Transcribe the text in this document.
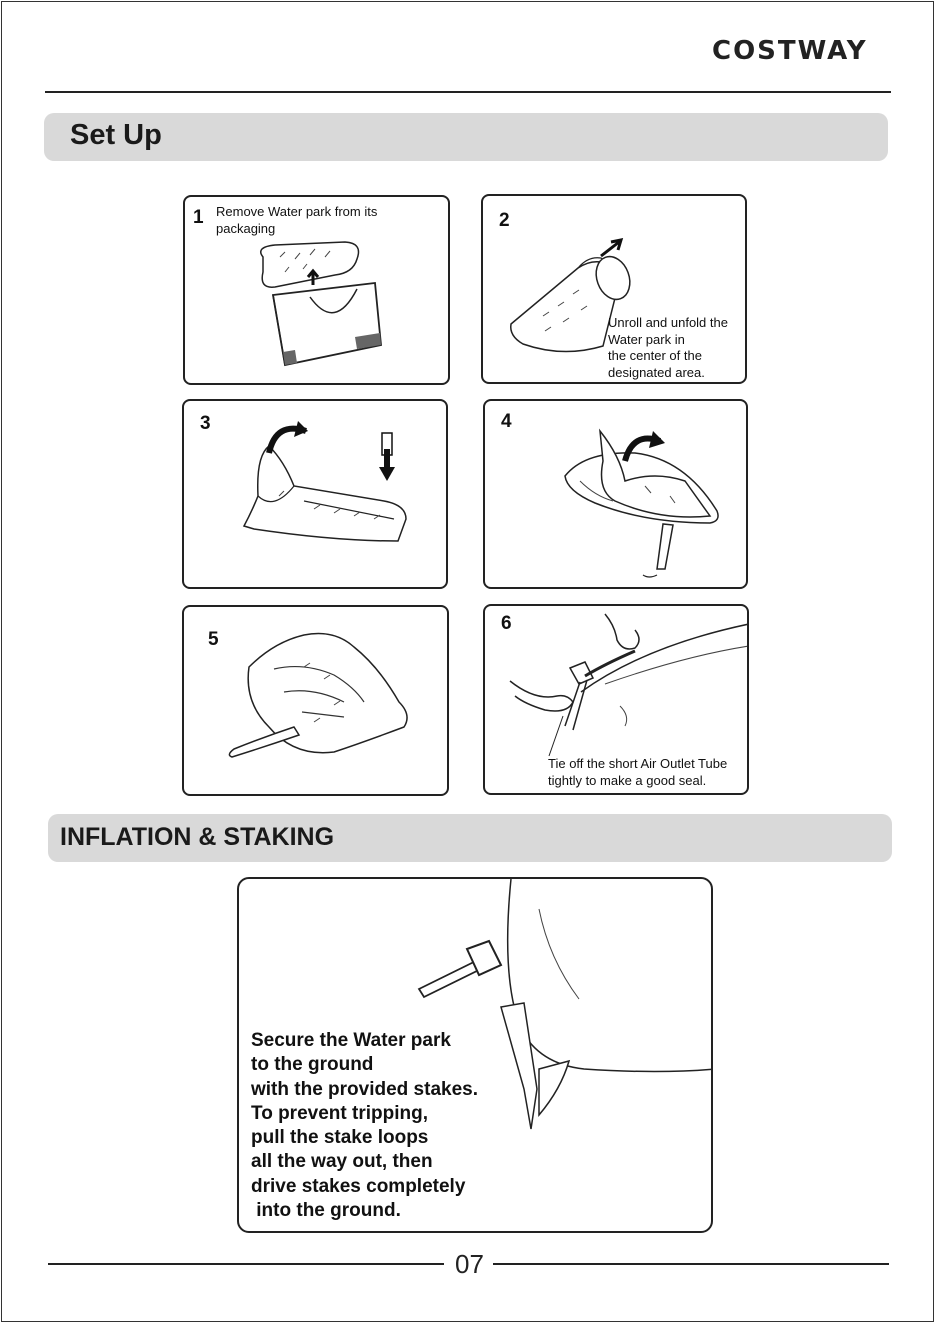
COSTWAY
Set Up
1 Remove Water park from its
packaging	2
Unroll and unfold the
Water park in
the center of the
designated area.
3	4
5
6
Tie off the short Air Outlet Tube
tightly to make a good seal.
INFLATION & STAKING
Secure the Water park
to the ground
with the provided stakes.
To prevent tripping,
pull the stake loops
all the way out, then
drive stakes completely
into the ground.
07
